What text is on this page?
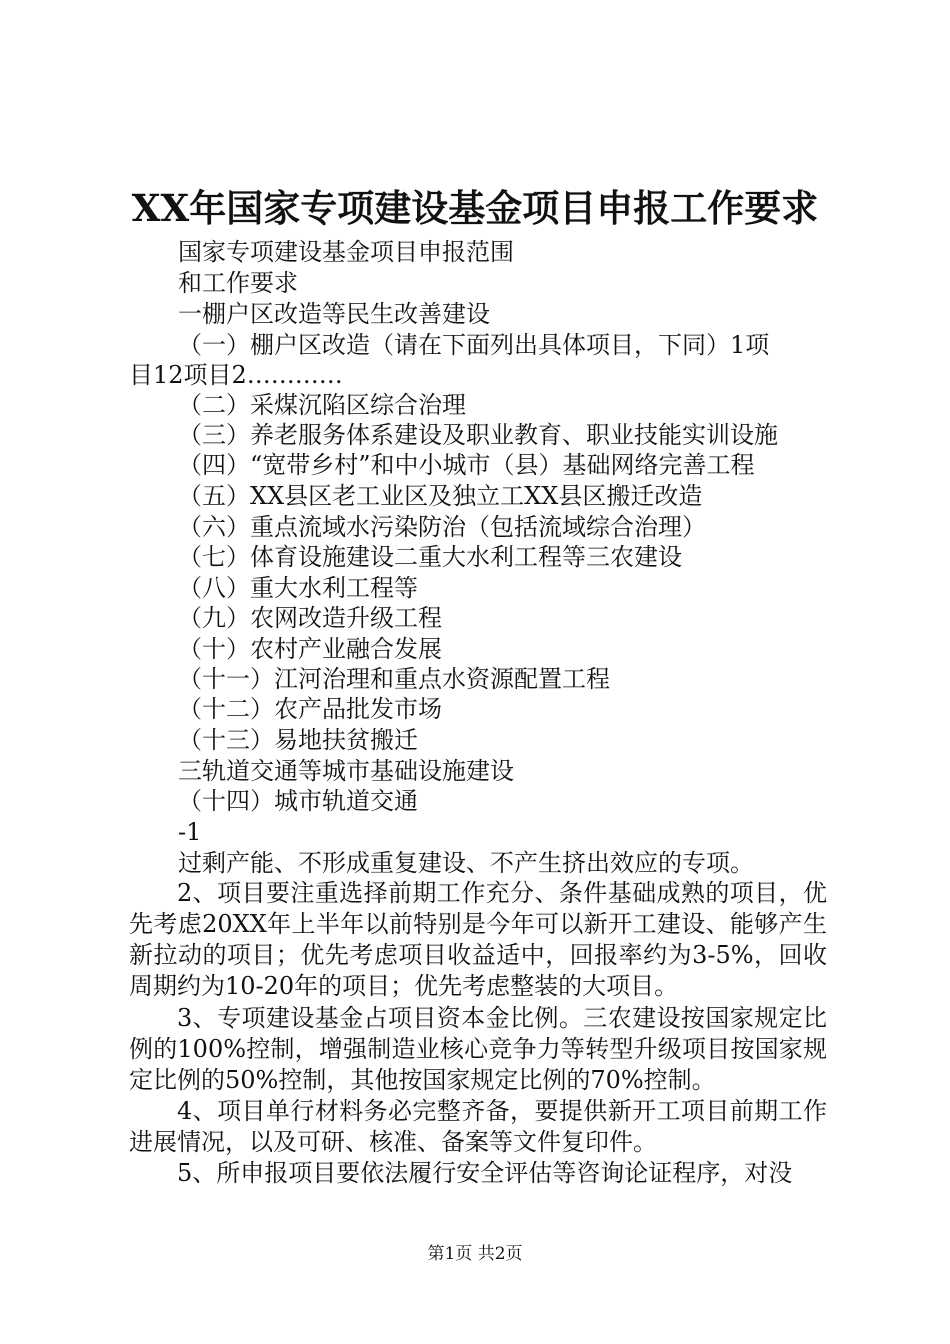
XX年国家专项建设基金项目申报工作要求
国家专项建设基金项目申报范围
和工作要求
一棚户区改造等民生改善建设
（一）棚户区改造（请在下面列出具体项目，下同）1项
目12项目2…………
（二）采煤沉陷区综合治理
（三）养老服务体系建设及职业教育、职业技能实训设施
（四）“宽带乡村”和中小城市（县）基础网络完善工程
（五）XX县区老工业区及独立工XX县区搬迁改造
（六）重点流域水污染防治（包括流域综合治理）
（七）体育设施建设二重大水利工程等三农建设
（八）重大水利工程等
（九）农网改造升级工程
（十）农村产业融合发展
（十一）江河治理和重点水资源配置工程
（十二）农产品批发市场
（十三）易地扶贫搬迁
三轨道交通等城市基础设施建设
（十四）城市轨道交通
-1
过剩产能、不形成重复建设、不产生挤出效应的专项。
2、项目要注重选择前期工作充分、条件基础成熟的项目，优先考虑20XX年上半年以前特别是今年可以新开工建设、能够产生新拉动的项目；优先考虑项目收益适中，回报率约为3-5%，回收周期约为10-20年的项目；优先考虑整装的大项目。
3、专项建设基金占项目资本金比例。三农建设按国家规定比例的100%控制，增强制造业核心竞争力等转型升级项目按国家规定比例的50%控制，其他按国家规定比例的70%控制。
4、项目单行材料务必完整齐备，要提供新开工项目前期工作进展情况，以及可研、核准、备案等文件复印件。
5、所申报项目要依法履行安全评估等咨询论证程序，对没
第1页 共2页
